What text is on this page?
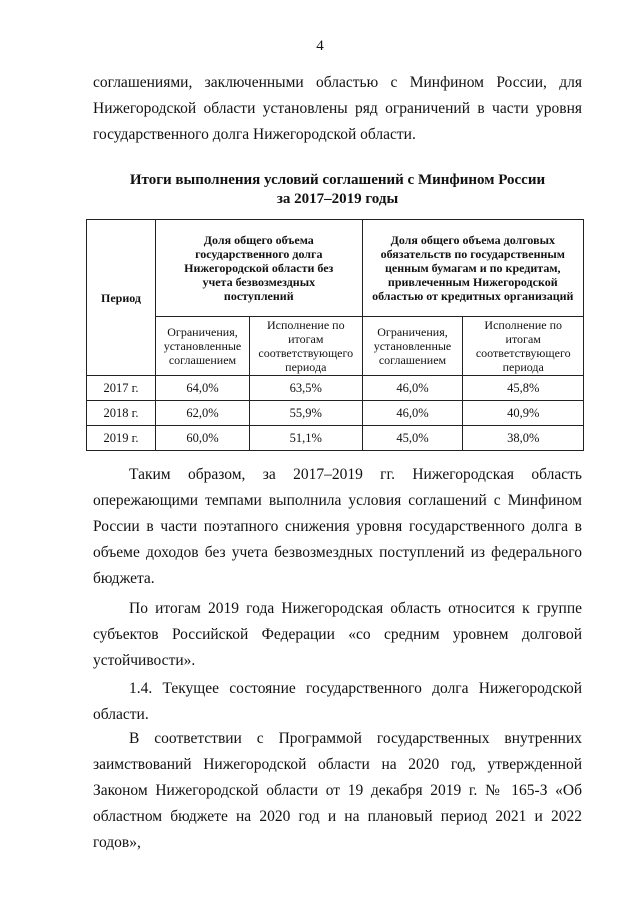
4

соглашениями, заключенными областью с Минфином России, для Нижегородской области установлены ряд ограничений в части уровня государственного долга Нижегородской области.

Итоги выполнения условий соглашений с Минфином России
за 2017–2019 годы
Период	Доля общего объема государственного долга Нижегородской области без учета безвозмездных поступлений		Доля общего объема долговых обязательств по государственным ценным бумагам и по кредитам, привлеченным Нижегородской областью от кредитных организаций	
	Ограничения, установленные соглашением	Исполнение по итогам соответствующего периода	Ограничения, установленные соглашением	Исполнение по итогам соответствующего периода
2017 г.	64,0%	63,5%	46,0%	45,8%
2018 г.	62,0%	55,9%	46,0%	40,9%
2019 г.	60,0%	51,1%	45,0%	38,0%

Таким образом, за 2017–2019 гг. Нижегородская область опережающими темпами выполнила условия соглашений с Минфином России в части поэтапного снижения уровня государственного долга в объеме доходов без учета безвозмездных поступлений из федерального бюджета.

По итогам 2019 года Нижегородская область относится к группе субъектов Российской Федерации «со средним уровнем долговой устойчивости».

1.4. Текущее состояние государственного долга Нижегородской области.

В соответствии с Программой государственных внутренних заимствований Нижегородской области на 2020 год, утвержденной Законом Нижегородской области от 19 декабря 2019 г. № 165-З «Об областном бюджете на 2020 год и на плановый период 2021 и 2022 годов»,
